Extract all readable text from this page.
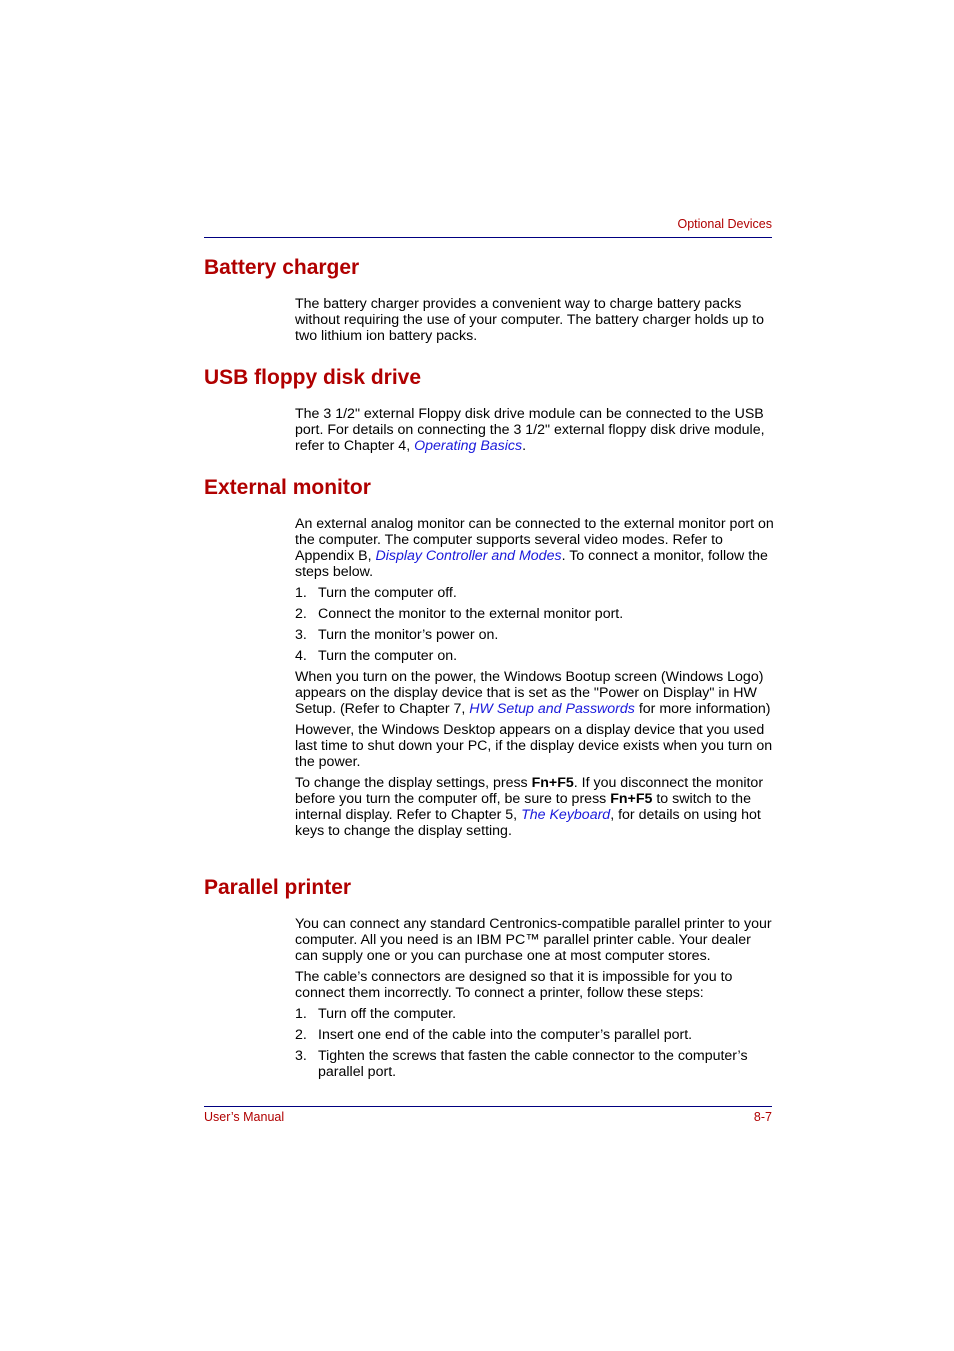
Optional Devices
Battery charger

The battery charger provides a convenient way to charge battery packs without requiring the use of your computer. The battery charger holds up to two lithium ion battery packs.

USB floppy disk drive

The 3 1/2" external Floppy disk drive module can be connected to the USB port. For details on connecting the 3 1/2" external floppy disk drive module, refer to Chapter 4, Operating Basics.

External monitor

An external analog monitor can be connected to the external monitor port on the computer. The computer supports several video modes. Refer to Appendix B, Display Controller and Modes. To connect a monitor, follow the steps below.

1. Turn the computer off.
2. Connect the monitor to the external monitor port.
3. Turn the monitor’s power on.
4. Turn the computer on.

When you turn on the power, the Windows Bootup screen (Windows Logo) appears on the display device that is set as the "Power on Display" in HW Setup. (Refer to Chapter 7, HW Setup and Passwords for more information)

However, the Windows Desktop appears on a display device that you used last time to shut down your PC, if the display device exists when you turn on the power.

To change the display settings, press Fn+F5. If you disconnect the monitor before you turn the computer off, be sure to press Fn+F5 to switch to the internal display. Refer to Chapter 5, The Keyboard, for details on using hot keys to change the display setting.

Parallel printer

You can connect any standard Centronics-compatible parallel printer to your computer. All you need is an IBM PC™ parallel printer cable. Your dealer can supply one or you can purchase one at most computer stores.

The cable’s connectors are designed so that it is impossible for you to connect them incorrectly. To connect a printer, follow these steps:

1. Turn off the computer.
2. Insert one end of the cable into the computer’s parallel port.
3. Tighten the screws that fasten the cable connector to the computer’s parallel port.
User’s Manual	8-7
